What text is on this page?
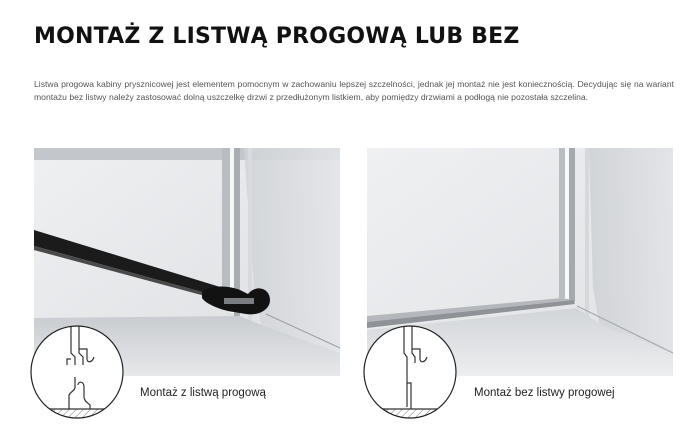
MONTAŻ Z LISTWĄ PROGOWĄ LUB BEZ

Listwa progowa kabiny prysznicowej jest elementem pomocnym w zachowaniu lepszej szczelności, jednak jej montaż nie jest koniecznością. Decydując się na wariant montażu bez listwy należy zastosować dolną uszczelkę drzwi z przedłużonym listkiem, aby pomiędzy drzwiami a podłogą nie pozostała szczelina.

Montaż z listwą progową	Montaż bez listwy progowej
